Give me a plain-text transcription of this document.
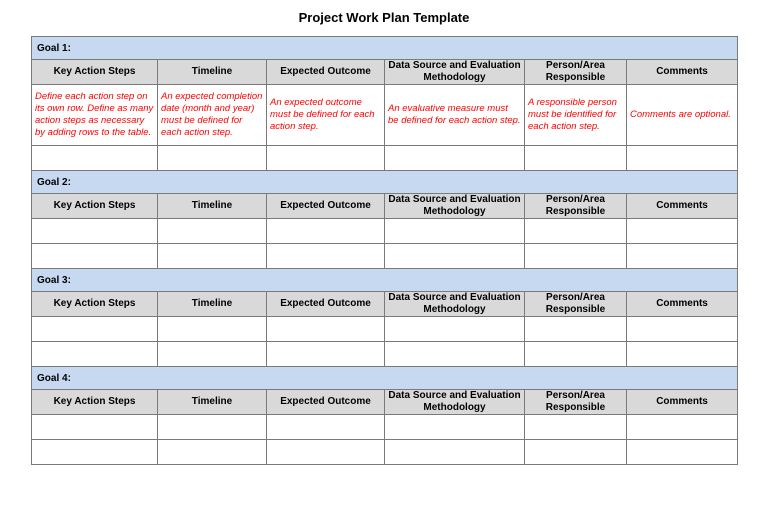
Project Work Plan Template
Goal 1:					
Key Action Steps	Timeline	Expected Outcome	Data Source and Evaluation Methodology	Person/Area Responsible	Comments
Define each action step on its own row. Define as many action steps as necessary by adding rows to the table.	An expected completion date (month and year) must be defined for each action step.	An expected outcome must be defined for each action step.	An evaluative measure must be defined for each action step.	A responsible person must be identified for each action step.	Comments are optional.

Goal 2:					
Key Action Steps	Timeline	Expected Outcome	Data Source and Evaluation Methodology	Person/Area Responsible	Comments

Goal 3:					
Key Action Steps	Timeline	Expected Outcome	Data Source and Evaluation Methodology	Person/Area Responsible	Comments

Goal 4:					
Key Action Steps	Timeline	Expected Outcome	Data Source and Evaluation Methodology	Person/Area Responsible	Comments
